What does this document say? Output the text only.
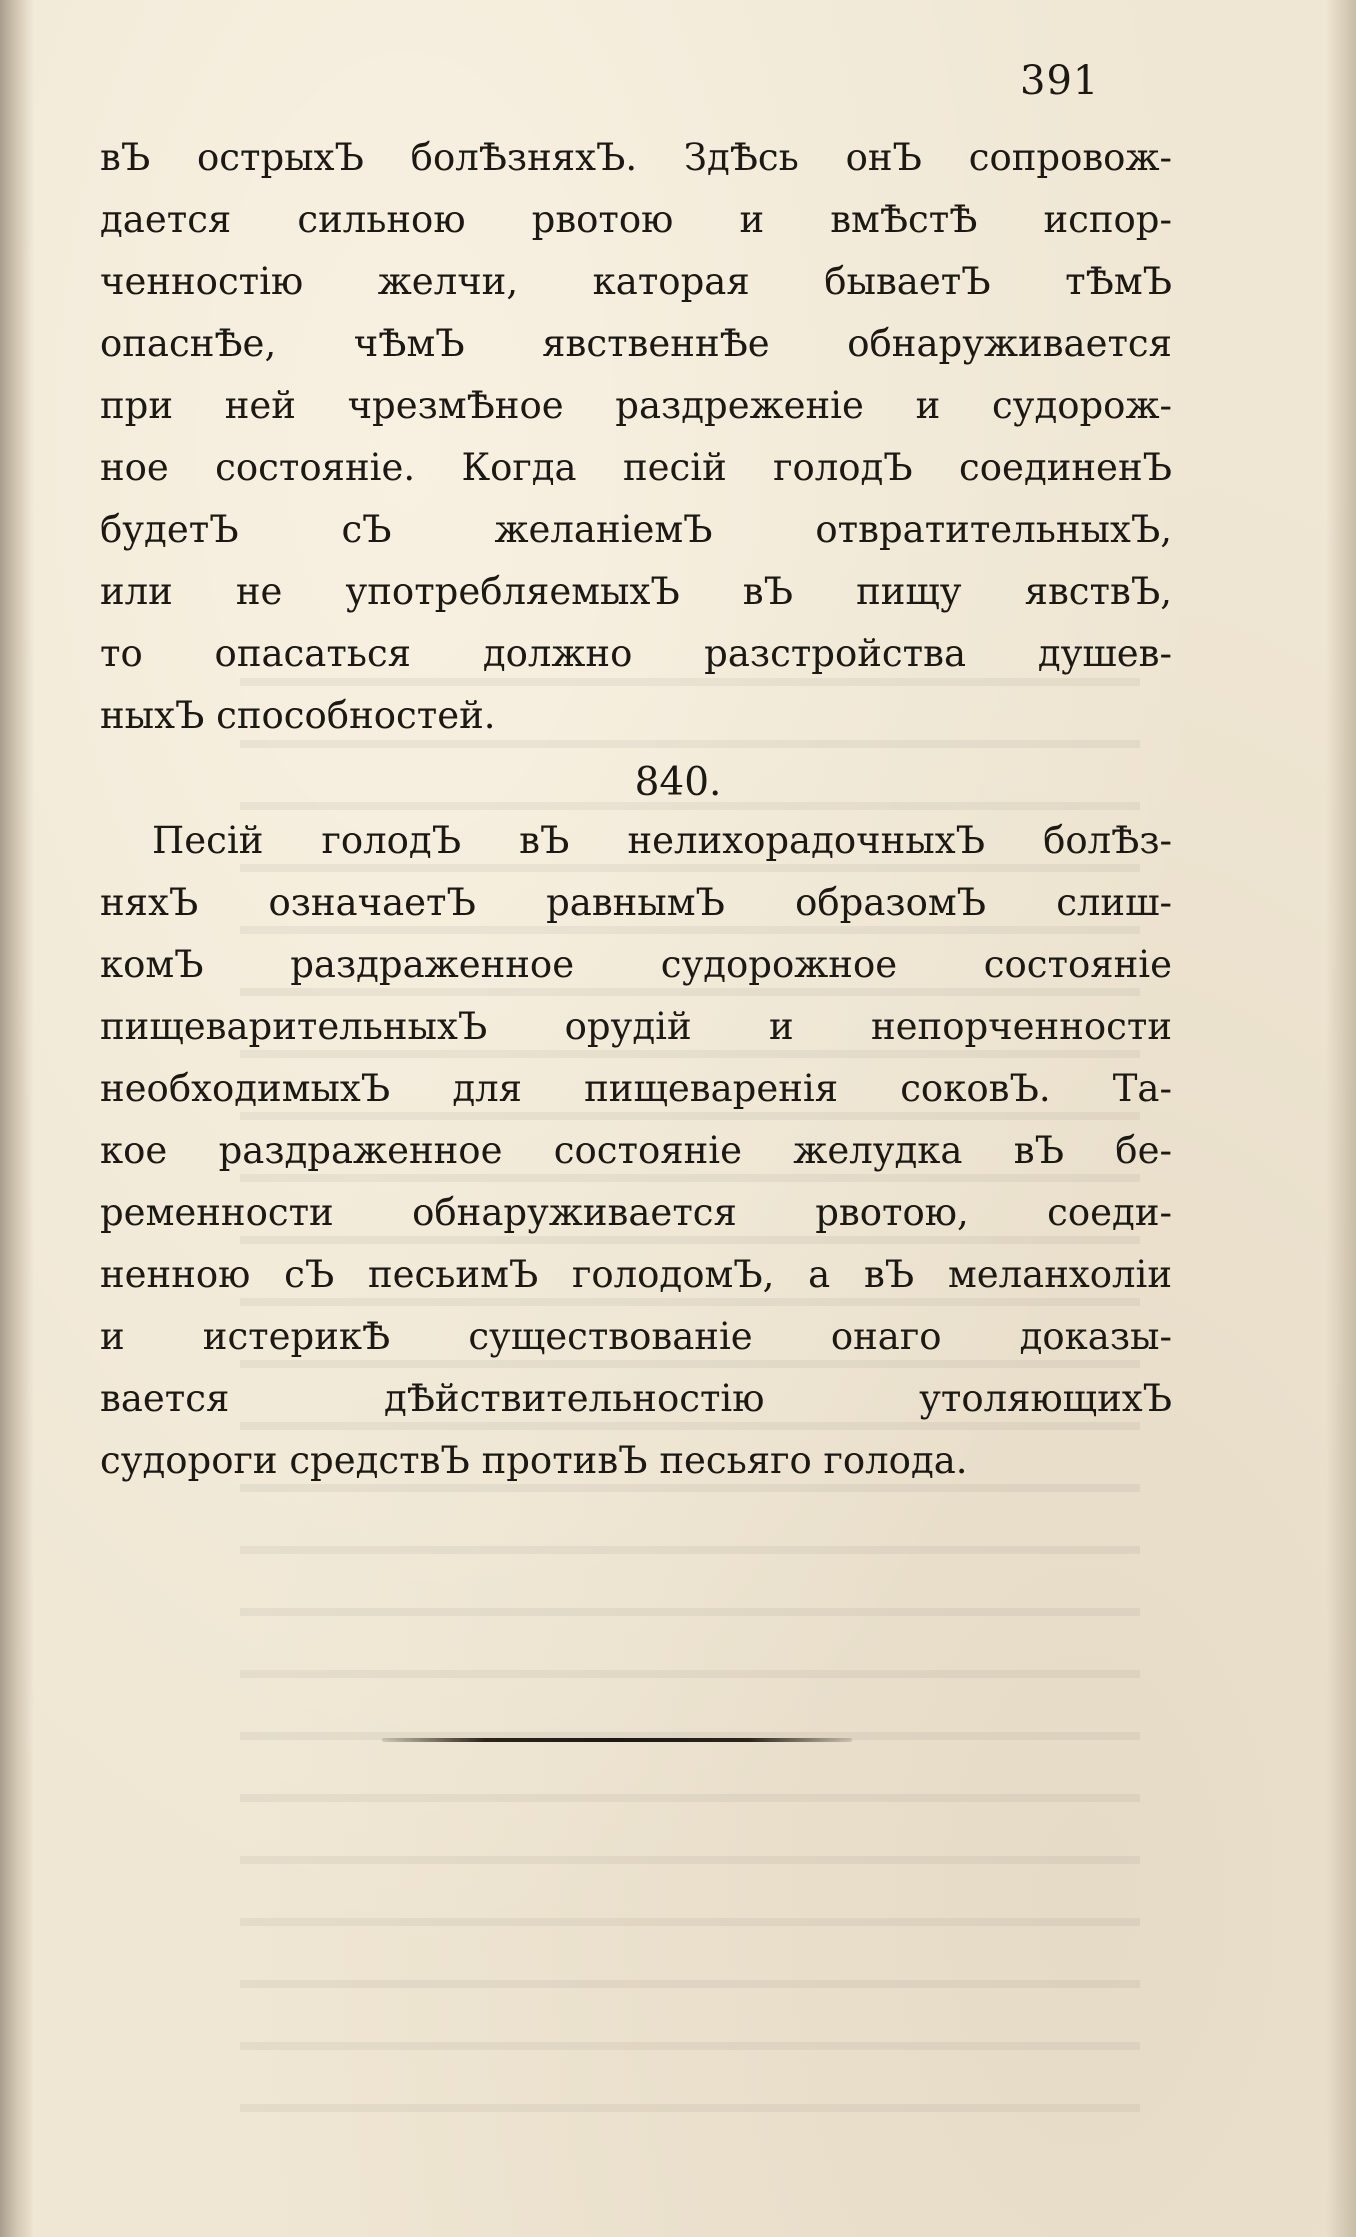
391
вЪ острыхЪ болѢзняхЪ. ЗдѢсь онЪ сопровож-
дается сильною рвотою и вмѢстѢ испор-
ченностію желчи, каторая бываетЪ тѢмЪ
опаснѢе, чѢмЪ явственнѢе обнаруживается
при ней чрезмѢное раздреженіе и судорож-
ное состояніе. Когда песій голодЪ соединенЪ
будетЪ сЪ желаніемЪ отвратительныхЪ,
или не употребляемыхЪ вЪ пищу явствЪ,
то опасаться должно разстройства душев-
ныхЪ способностей.
840.
Песій голодЪ вЪ нелихорадочныхЪ болѢз-
няхЪ означаетЪ равнымЪ образомЪ слиш-
комЪ раздраженное судорожное состояніе
пищеварительныхЪ орудій и непорченности
необходимыхЪ для пищеваренія соковЪ. Та-
кое раздраженное состояніе желудка вЪ бе-
ременности обнаруживается рвотою, соеди-
ненною сЪ песьимЪ голодомЪ, а вЪ меланхоліи
и истерикѢ существованіе онаго доказы-
вается дѢйствительностію утоляющихЪ
судороги средствЪ противЪ песьяго голода.
